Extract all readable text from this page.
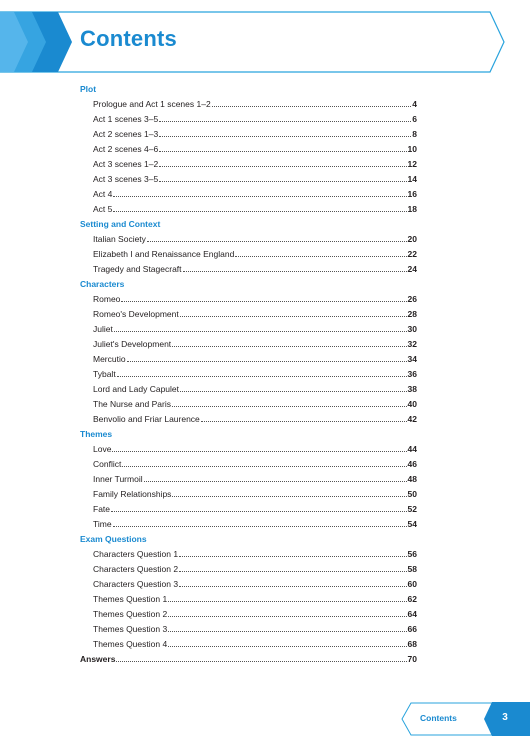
Contents
Plot
Prologue and Act 1 scenes 1–2	4
Act 1 scenes 3–5	6
Act 2 scenes 1–3	8
Act 2 scenes 4–6	10
Act 3 scenes 1–2	12
Act 3 scenes 3–5	14
Act 4	16
Act 5	18
Setting and Context
Italian Society	20
Elizabeth I and Renaissance England	22
Tragedy and Stagecraft	24
Characters
Romeo	26
Romeo's Development	28
Juliet	30
Juliet's Development	32
Mercutio	34
Tybalt	36
Lord and Lady Capulet	38
The Nurse and Paris	40
Benvolio and Friar Laurence	42
Themes
Love	44
Conflict	46
Inner Turmoil	48
Family Relationships	50
Fate	52
Time	54
Exam Questions
Characters Question 1	56
Characters Question 2	58
Characters Question 3	60
Themes Question 1	62
Themes Question 2	64
Themes Question 3	66
Themes Question 4	68
Answers	70
Contents	3
